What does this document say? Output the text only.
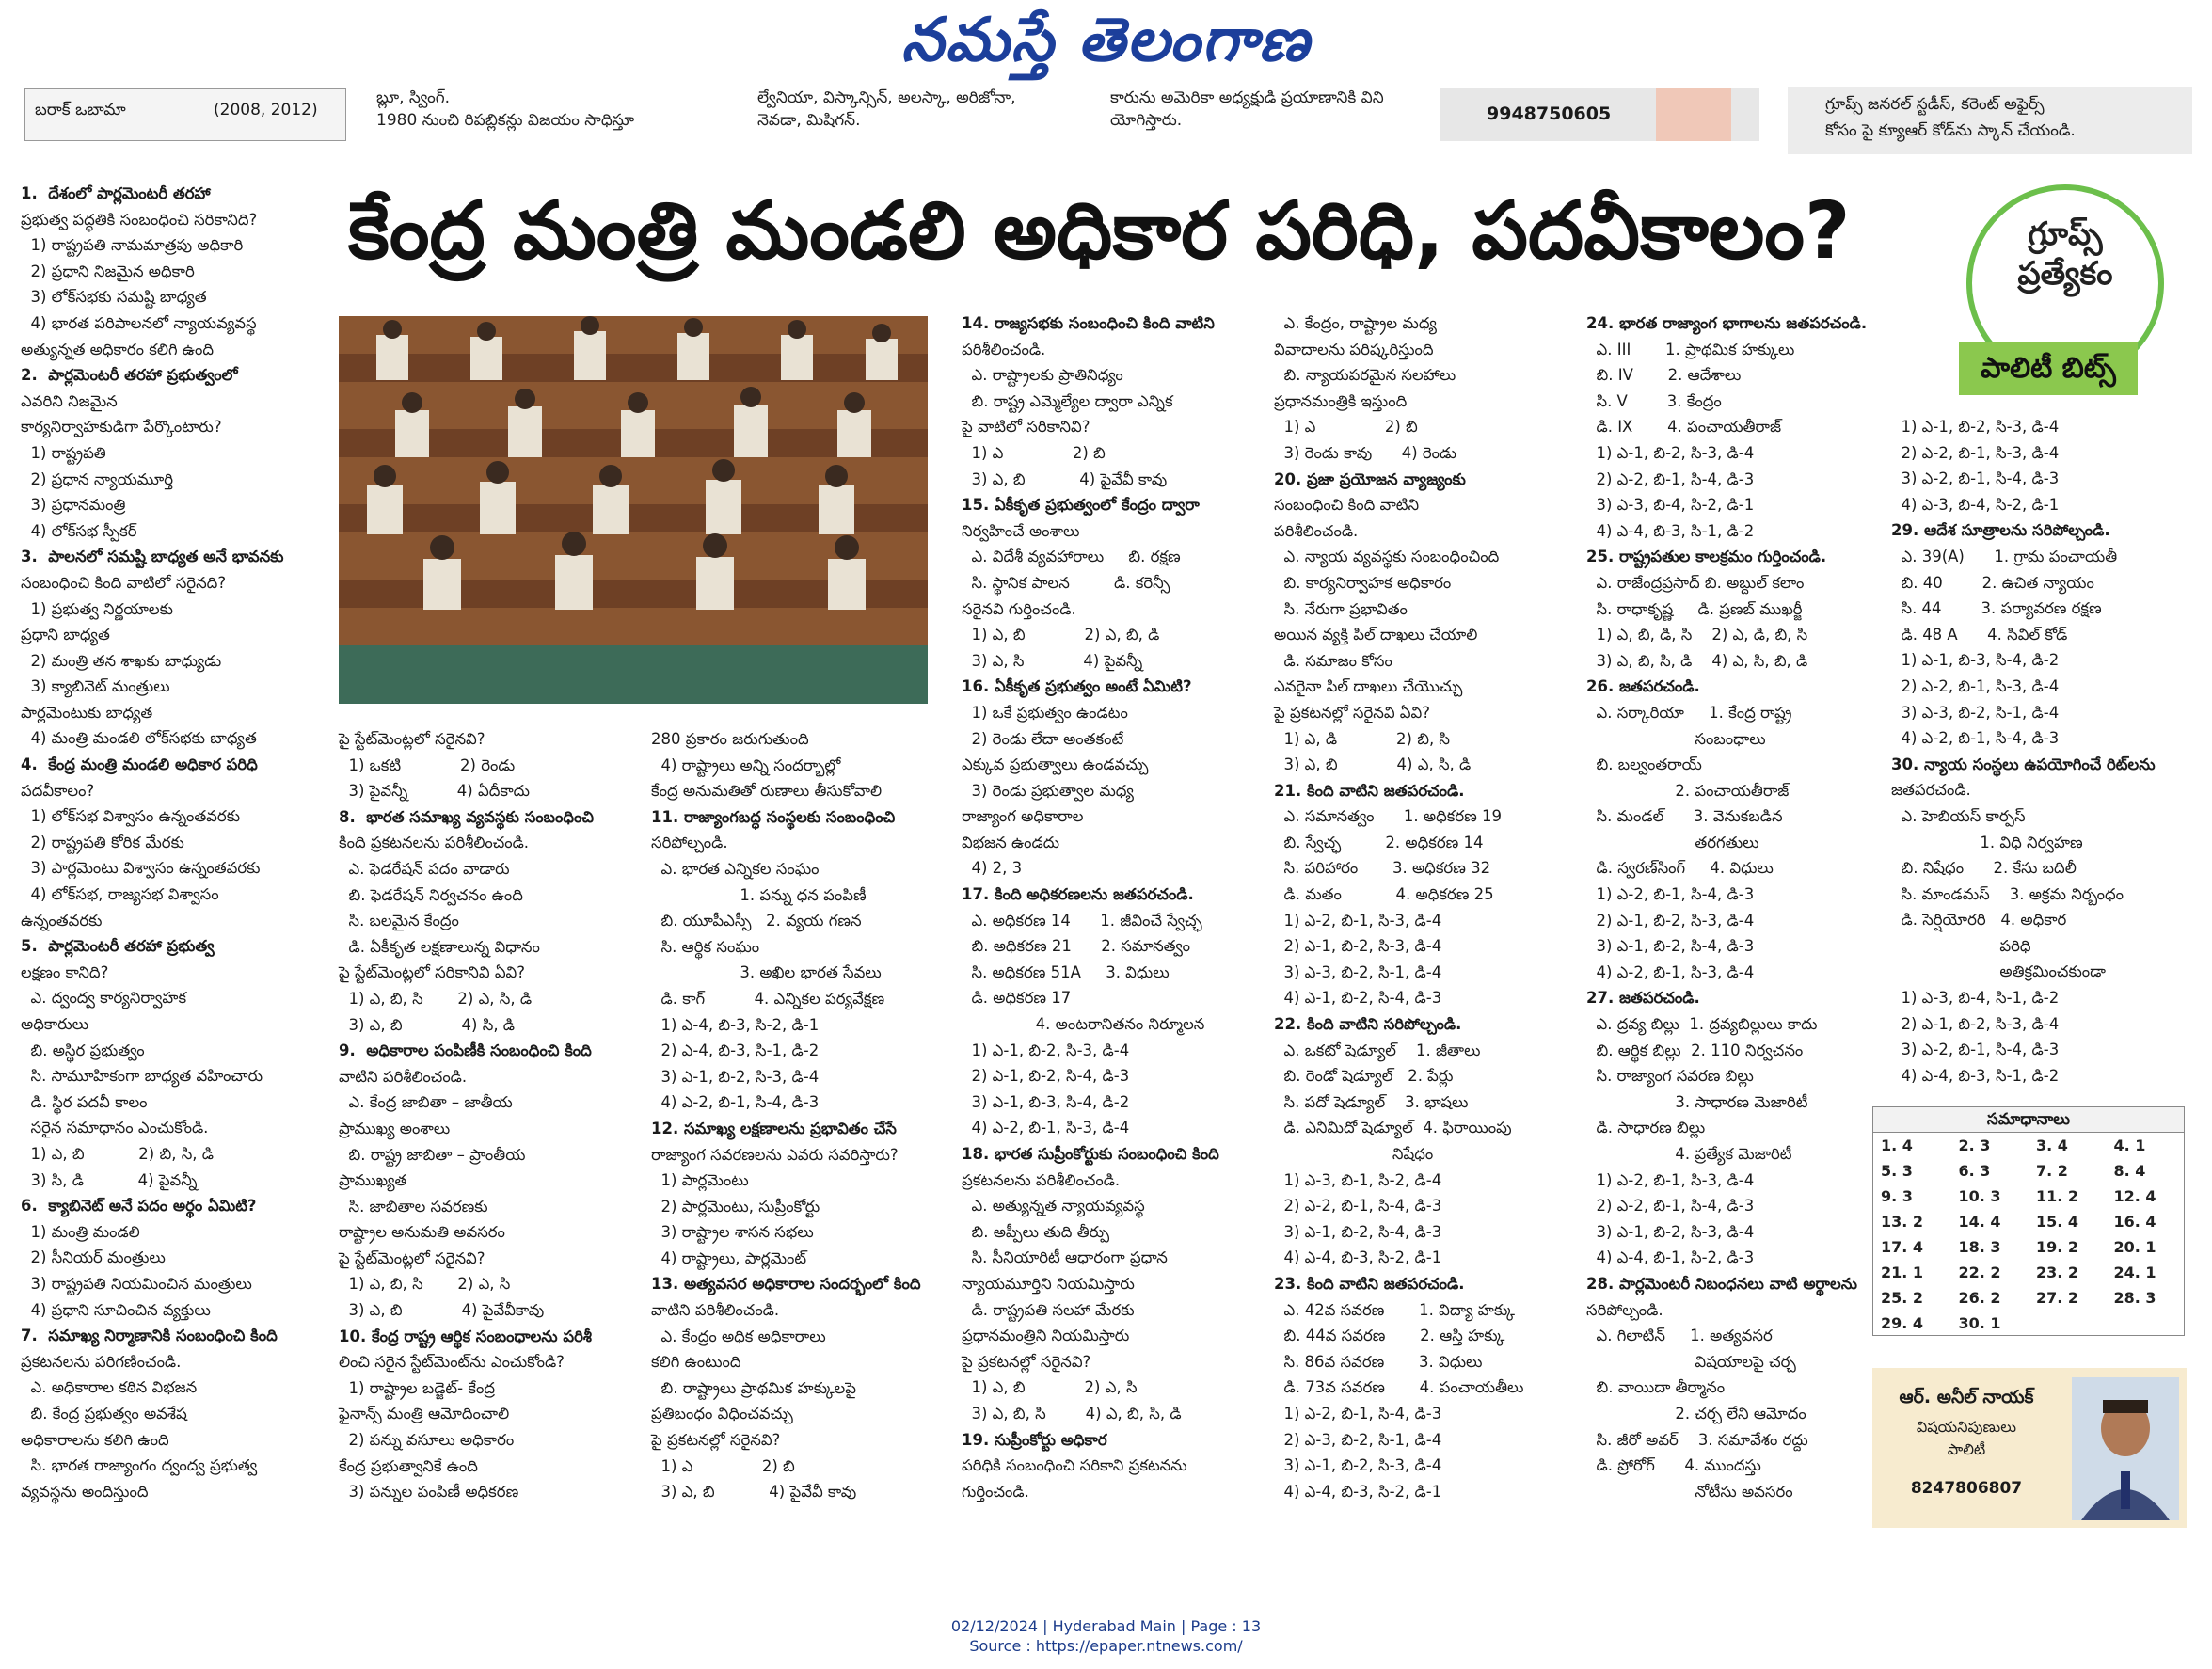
నమస్తే తెలంగాణ
బరాక్ ఒబామా	(2008, 2012)
బ్లూ, స్వింగ్.
1980 నుంచి రిపబ్లికన్లు విజయం సాధిస్తూ
ల్వేనియా, విస్కాన్సిన్, అలస్కా, అరిజోనా,
నెవడా, మిషిగన్.
కారును అమెరికా అధ్యక్షుడి ప్రయాణానికి విని
యోగిస్తారు.	9948750605	గ్రూప్స్ జనరల్ స్టడీస్, కరెంట్ అఫైర్స్
కోసం పై క్యూఆర్ కోడ్‌ను స్కాన్ చేయండి.
కేంద్ర మంత్రి మండలి అధికార పరిధి, పదవీకాలం?	గ్రూప్స్
ప్రత్యేకం
పాలిటీ బిట్స్
1.  దేశంలో పార్లమెంటరీ తరహా
ప్రభుత్వ పద్ధతికి సంబంధించి సరికానిది?
1) రాష్ట్రపతి నామమాత్రపు అధికారి
2) ప్రధాని నిజమైన అధికారి
3) లోక్‌సభకు సమష్టి బాధ్యత
4) భారత పరిపాలనలో న్యాయవ్యవస్థ
అత్యున్నత అధికారం కలిగి ఉంది
2.  పార్లమెంటరీ తరహా ప్రభుత్వంలో
ఎవరిని నిజమైన
కార్యనిర్వాహకుడిగా పేర్కొంటారు?
1) రాష్ట్రపతి
2) ప్రధాన న్యాయమూర్తి
3) ప్రధానమంత్రి
4) లోక్‌సభ స్పీకర్
3.  పాలనలో సమష్టి బాధ్యత అనే భావనకు
సంబంధించి కింది వాటిలో సరైనది?
1) ప్రభుత్వ నిర్ణయాలకు
ప్రధాని బాధ్యత
2) మంత్రి తన శాఖకు బాధ్యుడు
3) క్యాబినెట్ మంత్రులు
పార్లమెంటుకు బాధ్యత
4) మంత్రి మండలి లోక్‌సభకు బాధ్యత
4.  కేంద్ర మంత్రి మండలి అధికార పరిధి
పదవీకాలం?
1) లోక్‌సభ విశ్వాసం ఉన్నంతవరకు
2) రాష్ట్రపతి కోరిక మేరకు
3) పార్లమెంటు విశ్వాసం ఉన్నంతవరకు
4) లోక్‌సభ, రాజ్యసభ విశ్వాసం
ఉన్నంతవరకు
5.  పార్లమెంటరీ తరహా ప్రభుత్వ
లక్షణం కానిది?
ఎ. ద్వంద్వ కార్యనిర్వాహక
అధికారులు
బి. అస్థిర ప్రభుత్వం
సి. సామూహికంగా బాధ్యత వహించారు
డి. స్థిర పదవీ కాలం
సరైన సమాధానం ఎంచుకోండి.
1) ఎ, బి           2) బి, సి, డి
3) సి, డి           4) పైవన్నీ
6.  క్యాబినెట్ అనే పదం అర్థం ఏమిటి?
1) మంత్రి మండలి
2) సీనియర్ మంత్రులు
3) రాష్ట్రపతి నియమించిన మంత్రులు
4) ప్రధాని సూచించిన వ్యక్తులు
7.  సమాఖ్య నిర్మాణానికి సంబంధించి కింది
ప్రకటనలను పరిగణించండి.
ఎ. అధికారాల కఠిన విభజన
బి. కేంద్ర ప్రభుత్వం అవశేష
అధికారాలను కలిగి ఉంది
సి. భారత రాజ్యాంగం ద్వంద్వ ప్రభుత్వ
వ్యవస్థను అందిస్తుంది
పై స్టేట్‌మెంట్లలో సరైనవి?
1) ఒకటి            2) రెండు
3) పైవన్నీ          4) ఏదీకాదు
8.  భారత సమాఖ్య వ్యవస్థకు సంబంధించి
కింది ప్రకటనలను పరిశీలించండి.
ఎ. ఫెడరేషన్ పదం వాడారు
బి. ఫెడరేషన్ నిర్వచనం ఉంది
సి. బలమైన కేంద్రం
డి. ఏకీకృత లక్షణాలున్న విధానం
పై స్టేట్‌మెంట్లలో సరికానివి ఏవి?
1) ఎ, బి, సి       2) ఎ, సి, డి
3) ఎ, బి            4) సి, డి
9.  అధికారాల పంపిణీకి సంబంధించి కింది
వాటిని పరిశీలించండి.
ఎ. కేంద్ర జాబితా – జాతీయ
ప్రాముఖ్య అంశాలు
బి. రాష్ట్ర జాబితా – ప్రాంతీయ
ప్రాముఖ్యత
సి. జాబితాల సవరణకు
రాష్ట్రాల అనుమతి అవసరం
పై స్టేట్‌మెంట్లలో సరైనవి?
1) ఎ, బి, సి       2) ఎ, సి
3) ఎ, బి            4) పైవేవీకావు
10. కేంద్ర రాష్ట్ర ఆర్థిక సంబంధాలను పరిశీ
లించి సరైన స్టేట్‌మెంట్‌ను ఎంచుకోండి?
1) రాష్ట్రాల బడ్జెట్- కేంద్ర
ఫైనాన్స్ మంత్రి ఆమోదించాలి
2) పన్ను వసూలు అధికారం
కేంద్ర ప్రభుత్వానికే ఉంది
3) పన్నుల పంపిణీ అధికరణ
280 ప్రకారం జరుగుతుంది
4) రాష్ట్రాలు అన్ని సందర్భాల్లో
కేంద్ర అనుమతితో రుణాలు తీసుకోవాలి
11. రాజ్యాంగబద్ధ సంస్థలకు సంబంధించి
సరిపోల్చండి.
ఎ. భారత ఎన్నికల సంఘం
1. పన్ను ధన పంపిణీ
బి. యూపీఎస్సీ   2. వ్యయ గణన
సి. ఆర్థిక సంఘం
3. అఖిల భారత సేవలు
డి. కాగ్          4. ఎన్నికల పర్యవేక్షణ
1) ఎ-4, బి-3, సి-2, డి-1
2) ఎ-4, బి-3, సి-1, డి-2
3) ఎ-1, బి-2, సి-3, డి-4
4) ఎ-2, బి-1, సి-4, డి-3
12. సమాఖ్య లక్షణాలను ప్రభావితం చేసే
రాజ్యాంగ సవరణలను ఎవరు సవరిస్తారు?
1) పార్లమెంటు
2) పార్లమెంటు, సుప్రీంకోర్టు
3) రాష్ట్రాల శాసన సభలు
4) రాష్ట్రాలు, పార్లమెంట్
13. అత్యవసర అధికారాల సందర్భంలో కింది
వాటిని పరిశీలించండి.
ఎ. కేంద్రం అధిక అధికారాలు
కలిగి ఉంటుంది
బి. రాష్ట్రాలు ప్రాథమిక హక్కులపై
ప్రతిబంధం విధించవచ్చు
పై ప్రకటనల్లో సరైనవి?
1) ఎ              2) బి
3) ఎ, బి           4) పైవేవీ కావు
14. రాజ్యసభకు సంబంధించి కింది వాటిని
పరిశీలించండి.
ఎ. రాష్ట్రాలకు ప్రాతినిధ్యం
బి. రాష్ట్ర ఎమ్మెల్యేల ద్వారా ఎన్నిక
పై వాటిలో సరికానివి?
1) ఎ              2) బి
3) ఎ, బి           4) పైవేవీ కావు
15. ఏకీకృత ప్రభుత్వంలో కేంద్రం ద్వారా
నిర్వహించే అంశాలు
ఎ. విదేశీ వ్యవహారాలు     బి. రక్షణ
సి. స్థానిక పాలన         డి. కరెన్సీ
సరైనవి గుర్తించండి.
1) ఎ, బి            2) ఎ, బి, డి
3) ఎ, సి            4) పైవన్నీ
16. ఏకీకృత ప్రభుత్వం అంటే ఏమిటి?
1) ఒకే ప్రభుత్వం ఉండటం
2) రెండు లేదా అంతకంటే
ఎక్కువ ప్రభుత్వాలు ఉండవచ్చు
3) రెండు ప్రభుత్వాల మధ్య
రాజ్యాంగ అధికారాల
విభజన ఉండదు
4) 2, 3
17. కింది అధికరణలను జతపరచండి.
ఎ. అధికరణ 14      1. జీవించే స్వేచ్ఛ
బి. అధికరణ 21      2. సమానత్వం
సి. అధికరణ 51A     3. విధులు
డి. అధికరణ 17
4. అంటరానితనం నిర్మూలన
1) ఎ-1, బి-2, సి-3, డి-4
2) ఎ-1, బి-2, సి-4, డి-3
3) ఎ-1, బి-3, సి-4, డి-2
4) ఎ-2, బి-1, సి-3, డి-4
18. భారత సుప్రీంకోర్టుకు సంబంధించి కింది
ప్రకటనలను పరిశీలించండి.
ఎ. అత్యున్నత న్యాయవ్యవస్థ
బి. అప్పీలు తుది తీర్పు
సి. సీనియారిటీ ఆధారంగా ప్రధాన
న్యాయమూర్తిని నియమిస్తారు
డి. రాష్ట్రపతి సలహా మేరకు
ప్రధానమంత్రిని నియమిస్తారు
పై ప్రకటనల్లో సరైనవి?
1) ఎ, బి            2) ఎ, సి
3) ఎ, బి, సి        4) ఎ, బి, సి, డి
19. సుప్రీంకోర్టు అధికార
పరిధికి సంబంధించి సరికాని ప్రకటనను
గుర్తించండి.
ఎ. కేంద్రం, రాష్ట్రాల మధ్య
వివాదాలను పరిష్కరిస్తుంది
బి. న్యాయపరమైన సలహాలు
ప్రధానమంత్రికి ఇస్తుంది
1) ఎ              2) బి
3) రెండు కావు      4) రెండు
20. ప్రజా ప్రయోజన వ్యాజ్యంకు
సంబంధించి కింది వాటిని
పరిశీలించండి.
ఎ. న్యాయ వ్యవస్థకు సంబంధించింది
బి. కార్యనిర్వాహక అధికారం
సి. నేరుగా ప్రభావితం
అయిన వ్యక్తి పిల్ దాఖలు చేయాలి
డి. సమాజం కోసం
ఎవరైనా పిల్ దాఖలు చేయొచ్చు
పై ప్రకటనల్లో సరైనవి ఏవి?
1) ఎ, డి            2) బి, సి
3) ఎ, బి            4) ఎ, సి, డి
21. కింది వాటిని జతపరచండి.
ఎ. సమానత్వం      1. అధికరణ 19
బి. స్వేచ్ఛ         2. అధికరణ 14
సి. పరిహారం       3. అధికరణ 32
డి. మతం           4. అధికరణ 25
1) ఎ-2, బి-1, సి-3, డి-4
2) ఎ-1, బి-2, సి-3, డి-4
3) ఎ-3, బి-2, సి-1, డి-4
4) ఎ-1, బి-2, సి-4, డి-3
22. కింది వాటిని సరిపోల్చండి.
ఎ. ఒకటో షెడ్యూల్    1. జీతాలు
బి. రెండో షెడ్యూల్   2. పేర్లు
సి. పదో షెడ్యూల్    3. భాషలు
డి. ఎనిమిదో షెడ్యూల్  4. ఫిరాయింపు
నిషేధం
1) ఎ-3, బి-1, సి-2, డి-4
2) ఎ-2, బి-1, సి-4, డి-3
3) ఎ-1, బి-2, సి-4, డి-3
4) ఎ-4, బి-3, సి-2, డి-1
23. కింది వాటిని జతపరచండి.
ఎ. 42వ సవరణ       1. విద్యా హక్కు
బి. 44వ సవరణ       2. ఆస్తి హక్కు
సి. 86వ సవరణ       3. విధులు
డి. 73వ సవరణ       4. పంచాయతీలు
1) ఎ-2, బి-1, సి-4, డి-3
2) ఎ-3, బి-2, సి-1, డి-4
3) ఎ-1, బి-2, సి-3, డి-4
4) ఎ-4, బి-3, సి-2, డి-1
24. భారత రాజ్యాంగ భాగాలను జతపరచండి.
ఎ. III       1. ప్రాథమిక హక్కులు
బి. IV       2. ఆదేశాలు
సి. V        3. కేంద్రం
డి. IX       4. పంచాయతీరాజ్
1) ఎ-1, బి-2, సి-3, డి-4
2) ఎ-2, బి-1, సి-4, డి-3
3) ఎ-3, బి-4, సి-2, డి-1
4) ఎ-4, బి-3, సి-1, డి-2
25. రాష్ట్రపతుల కాలక్రమం గుర్తించండి.
ఎ. రాజేంద్రప్రసాద్ బి. అబ్దుల్ కలాం
సి. రాధాకృష్ణ     డి. ప్రణబ్ ముఖర్జీ
1) ఎ, బి, డి, సి    2) ఎ, డి, బి, సి
3) ఎ, బి, సి, డి    4) ఎ, సి, బి, డి
26. జతపరచండి.
ఎ. సర్కారియా     1. కేంద్ర రాష్ట్ర
సంబంధాలు
బి. బల్వంతరాయ్
2. పంచాయతీరాజ్
సి. మండల్      3. వెనుకబడిన
తరగతులు
డి. స్వరణ్‌సింగ్     4. విధులు
1) ఎ-2, బి-1, సి-4, డి-3
2) ఎ-1, బి-2, సి-3, డి-4
3) ఎ-1, బి-2, సి-4, డి-3
4) ఎ-2, బి-1, సి-3, డి-4
27. జతపరచండి.
ఎ. ద్రవ్య బిల్లు  1. ద్రవ్యబిల్లులు కాదు
బి. ఆర్థిక బిల్లు  2. 110 నిర్వచనం
సి. రాజ్యాంగ సవరణ బిల్లు
3. సాధారణ మెజారిటీ
డి. సాధారణ బిల్లు
4. ప్రత్యేక మెజారిటీ
1) ఎ-2, బి-1, సి-3, డి-4
2) ఎ-2, బి-1, సి-4, డి-3
3) ఎ-1, బి-2, సి-3, డి-4
4) ఎ-4, బి-1, సి-2, డి-3
28. పార్లమెంటరీ నిబంధనలు వాటి అర్థాలను
సరిపోల్చండి.
ఎ. గిలాటిన్     1. అత్యవసర
విషయాలపై చర్చ
బి. వాయిదా తీర్మానం
2. చర్చ లేని ఆమోదం
సి. జీరో అవర్    3. సమావేశం రద్దు
డి. ప్రోరోగ్      4. ముందస్తు
నోటీసు అవసరం
1) ఎ-1, బి-2, సి-3, డి-4
2) ఎ-2, బి-1, సి-3, డి-4
3) ఎ-2, బి-1, సి-4, డి-3
4) ఎ-3, బి-4, సి-2, డి-1
29. ఆదేశ సూత్రాలను సరిపోల్చండి.
ఎ. 39(A)      1. గ్రామ పంచాయతీ
బి. 40        2. ఉచిత న్యాయం
సి. 44        3. పర్యావరణ రక్షణ
డి. 48 A      4. సివిల్ కోడ్
1) ఎ-1, బి-3, సి-4, డి-2
2) ఎ-2, బి-1, సి-3, డి-4
3) ఎ-3, బి-2, సి-1, డి-4
4) ఎ-2, బి-1, సి-4, డి-3
30. న్యాయ సంస్థలు ఉపయోగించే రిట్‌లను
జతపరచండి.
ఎ. హెబియస్ కార్పస్
1. విధి నిర్వహణ
బి. నిషేధం      2. కేసు బదిలీ
సి. మాండమస్    3. అక్రమ నిర్బంధం
డి. సెర్షియోరరి   4. అధికార
పరిధి
అతిక్రమించకుండా
1) ఎ-3, బి-4, సి-1, డి-2
2) ఎ-1, బి-2, సి-3, డి-4
3) ఎ-2, బి-1, సి-4, డి-3
4) ఎ-4, బి-3, సి-1, డి-2
సమాధానాలు
1. 4	2. 3	3. 4	4. 1
5. 3	6. 3	7. 2	8. 4
9. 3	10. 3	11. 2	12. 4
13. 2	14. 4	15. 4	16. 4
17. 4	18. 3	19. 2	20. 1
21. 1	22. 2	23. 2	24. 1
25. 2	26. 2	27. 2	28. 3
29. 4	30. 1		
ఆర్. అనీల్ నాయక్
విషయనిపుణులు
పాలిటీ
8247806807
02/12/2024 | Hyderabad Main | Page : 13
Source : https://epaper.ntnews.com/
